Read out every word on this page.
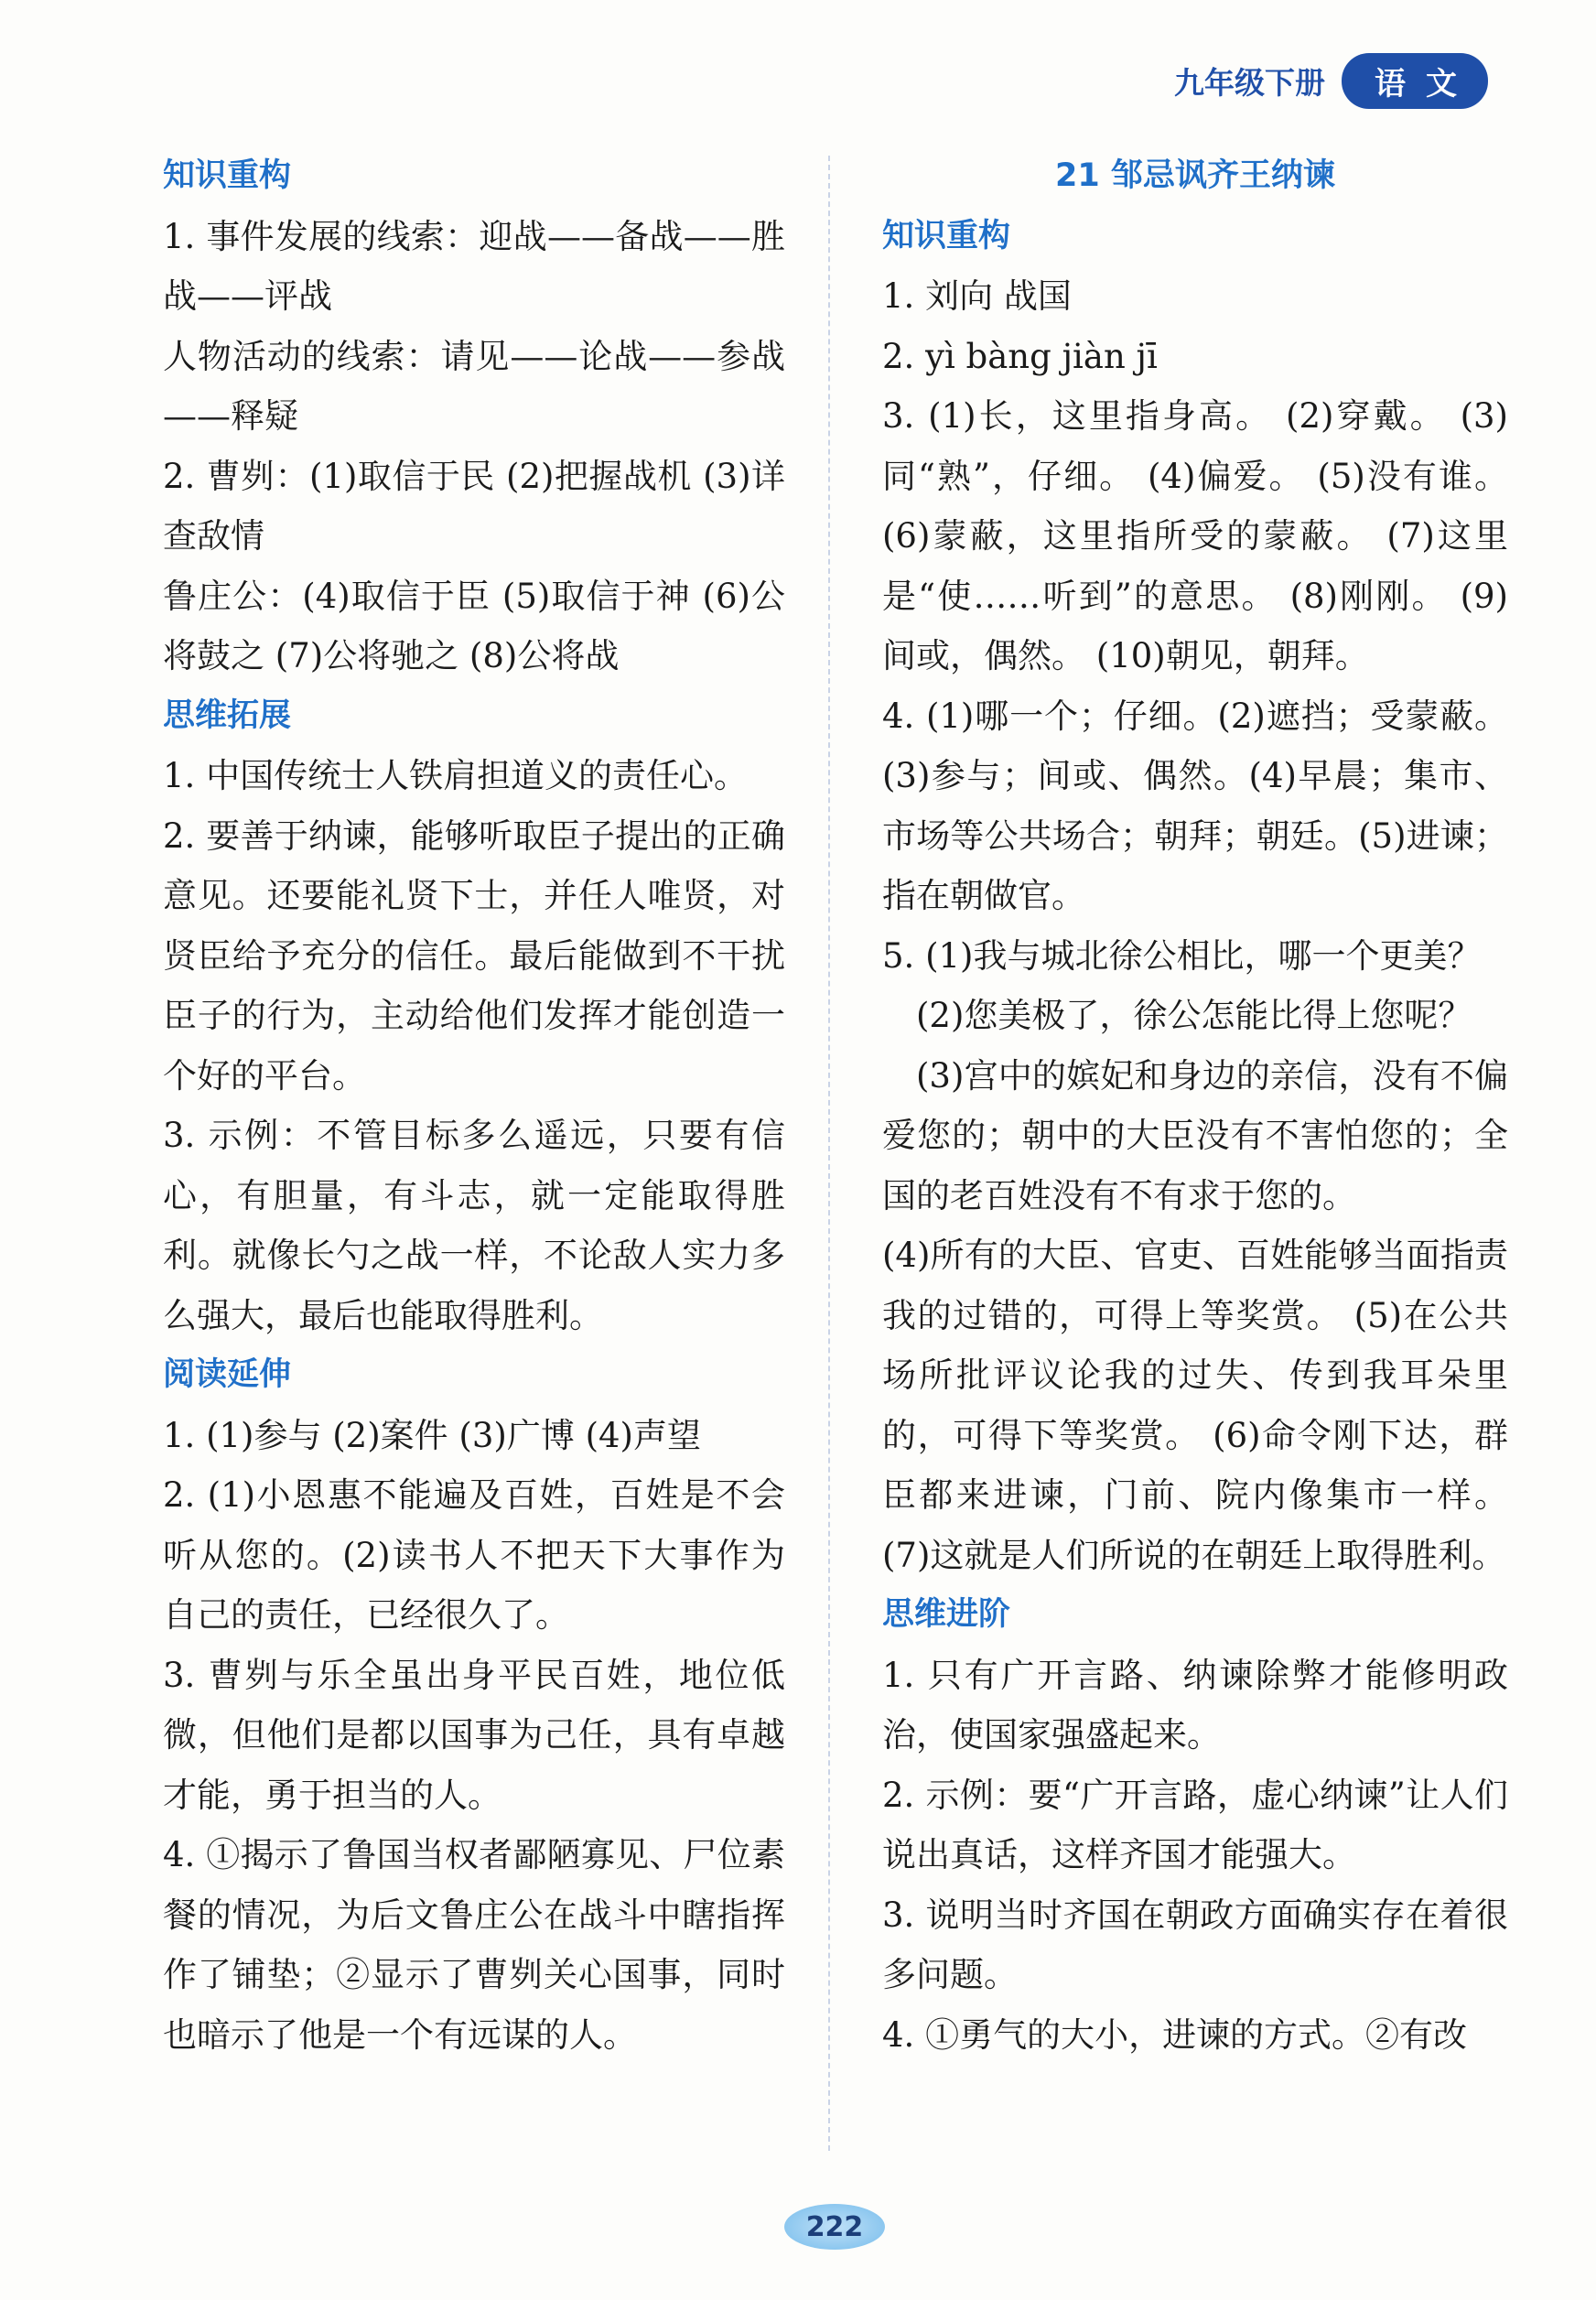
九年级下册	语文
知识重构
1. 事件发展的线索：迎战——备战——胜战——评战
人物活动的线索：请见——论战——参战——释疑
2. 曹刿：(1)取信于民 (2)把握战机 (3)详查敌情
鲁庄公：(4)取信于臣 (5)取信于神 (6)公将鼓之 (7)公将驰之 (8)公将战
思维拓展
1. 中国传统士人铁肩担道义的责任心。
2. 要善于纳谏，能够听取臣子提出的正确意见。还要能礼贤下士，并任人唯贤，对贤臣给予充分的信任。最后能做到不干扰臣子的行为，主动给他们发挥才能创造一个好的平台。
3. 示例：不管目标多么遥远，只要有信心，有胆量，有斗志，就一定能取得胜利。就像长勺之战一样，不论敌人实力多么强大，最后也能取得胜利。
阅读延伸
1. (1)参与 (2)案件 (3)广博 (4)声望
2. (1)小恩惠不能遍及百姓，百姓是不会听从您的。(2)读书人不把天下大事作为自己的责任，已经很久了。
3. 曹刿与乐全虽出身平民百姓，地位低微，但他们是都以国事为己任，具有卓越才能，勇于担当的人。
4. ①揭示了鲁国当权者鄙陋寡见、尸位素餐的情况，为后文鲁庄公在战斗中瞎指挥作了铺垫；②显示了曹刿关心国事，同时也暗示了他是一个有远谋的人。
21 邹忌讽齐王纳谏
知识重构
1. 刘向 战国
2. yì bàng jiàn jī
3. (1)长，这里指身高。 (2)穿戴。 (3)同“熟”，仔细。 (4)偏爱。 (5)没有谁。 (6)蒙蔽，这里指所受的蒙蔽。 (7)这里是“使……听到”的意思。 (8)刚刚。 (9)间或，偶然。 (10)朝见，朝拜。
4. (1)哪一个；仔细。(2)遮挡；受蒙蔽。(3)参与；间或、偶然。(4)早晨；集市、市场等公共场合；朝拜；朝廷。(5)进谏；指在朝做官。
5. (1)我与城北徐公相比，哪一个更美？
(2)您美极了，徐公怎能比得上您呢？
(3)宫中的嫔妃和身边的亲信，没有不偏爱您的；朝中的大臣没有不害怕您的；全国的老百姓没有不有求于您的。
(4)所有的大臣、官吏、百姓能够当面指责我的过错的，可得上等奖赏。 (5)在公共场所批评议论我的过失、传到我耳朵里的，可得下等奖赏。 (6)命令刚下达，群臣都来进谏，门前、院内像集市一样。 (7)这就是人们所说的在朝廷上取得胜利。
思维进阶
1. 只有广开言路、纳谏除弊才能修明政治，使国家强盛起来。
2. 示例：要“广开言路，虚心纳谏”让人们说出真话，这样齐国才能强大。
3. 说明当时齐国在朝政方面确实存在着很多问题。
4. ①勇气的大小，进谏的方式。②有改
222
